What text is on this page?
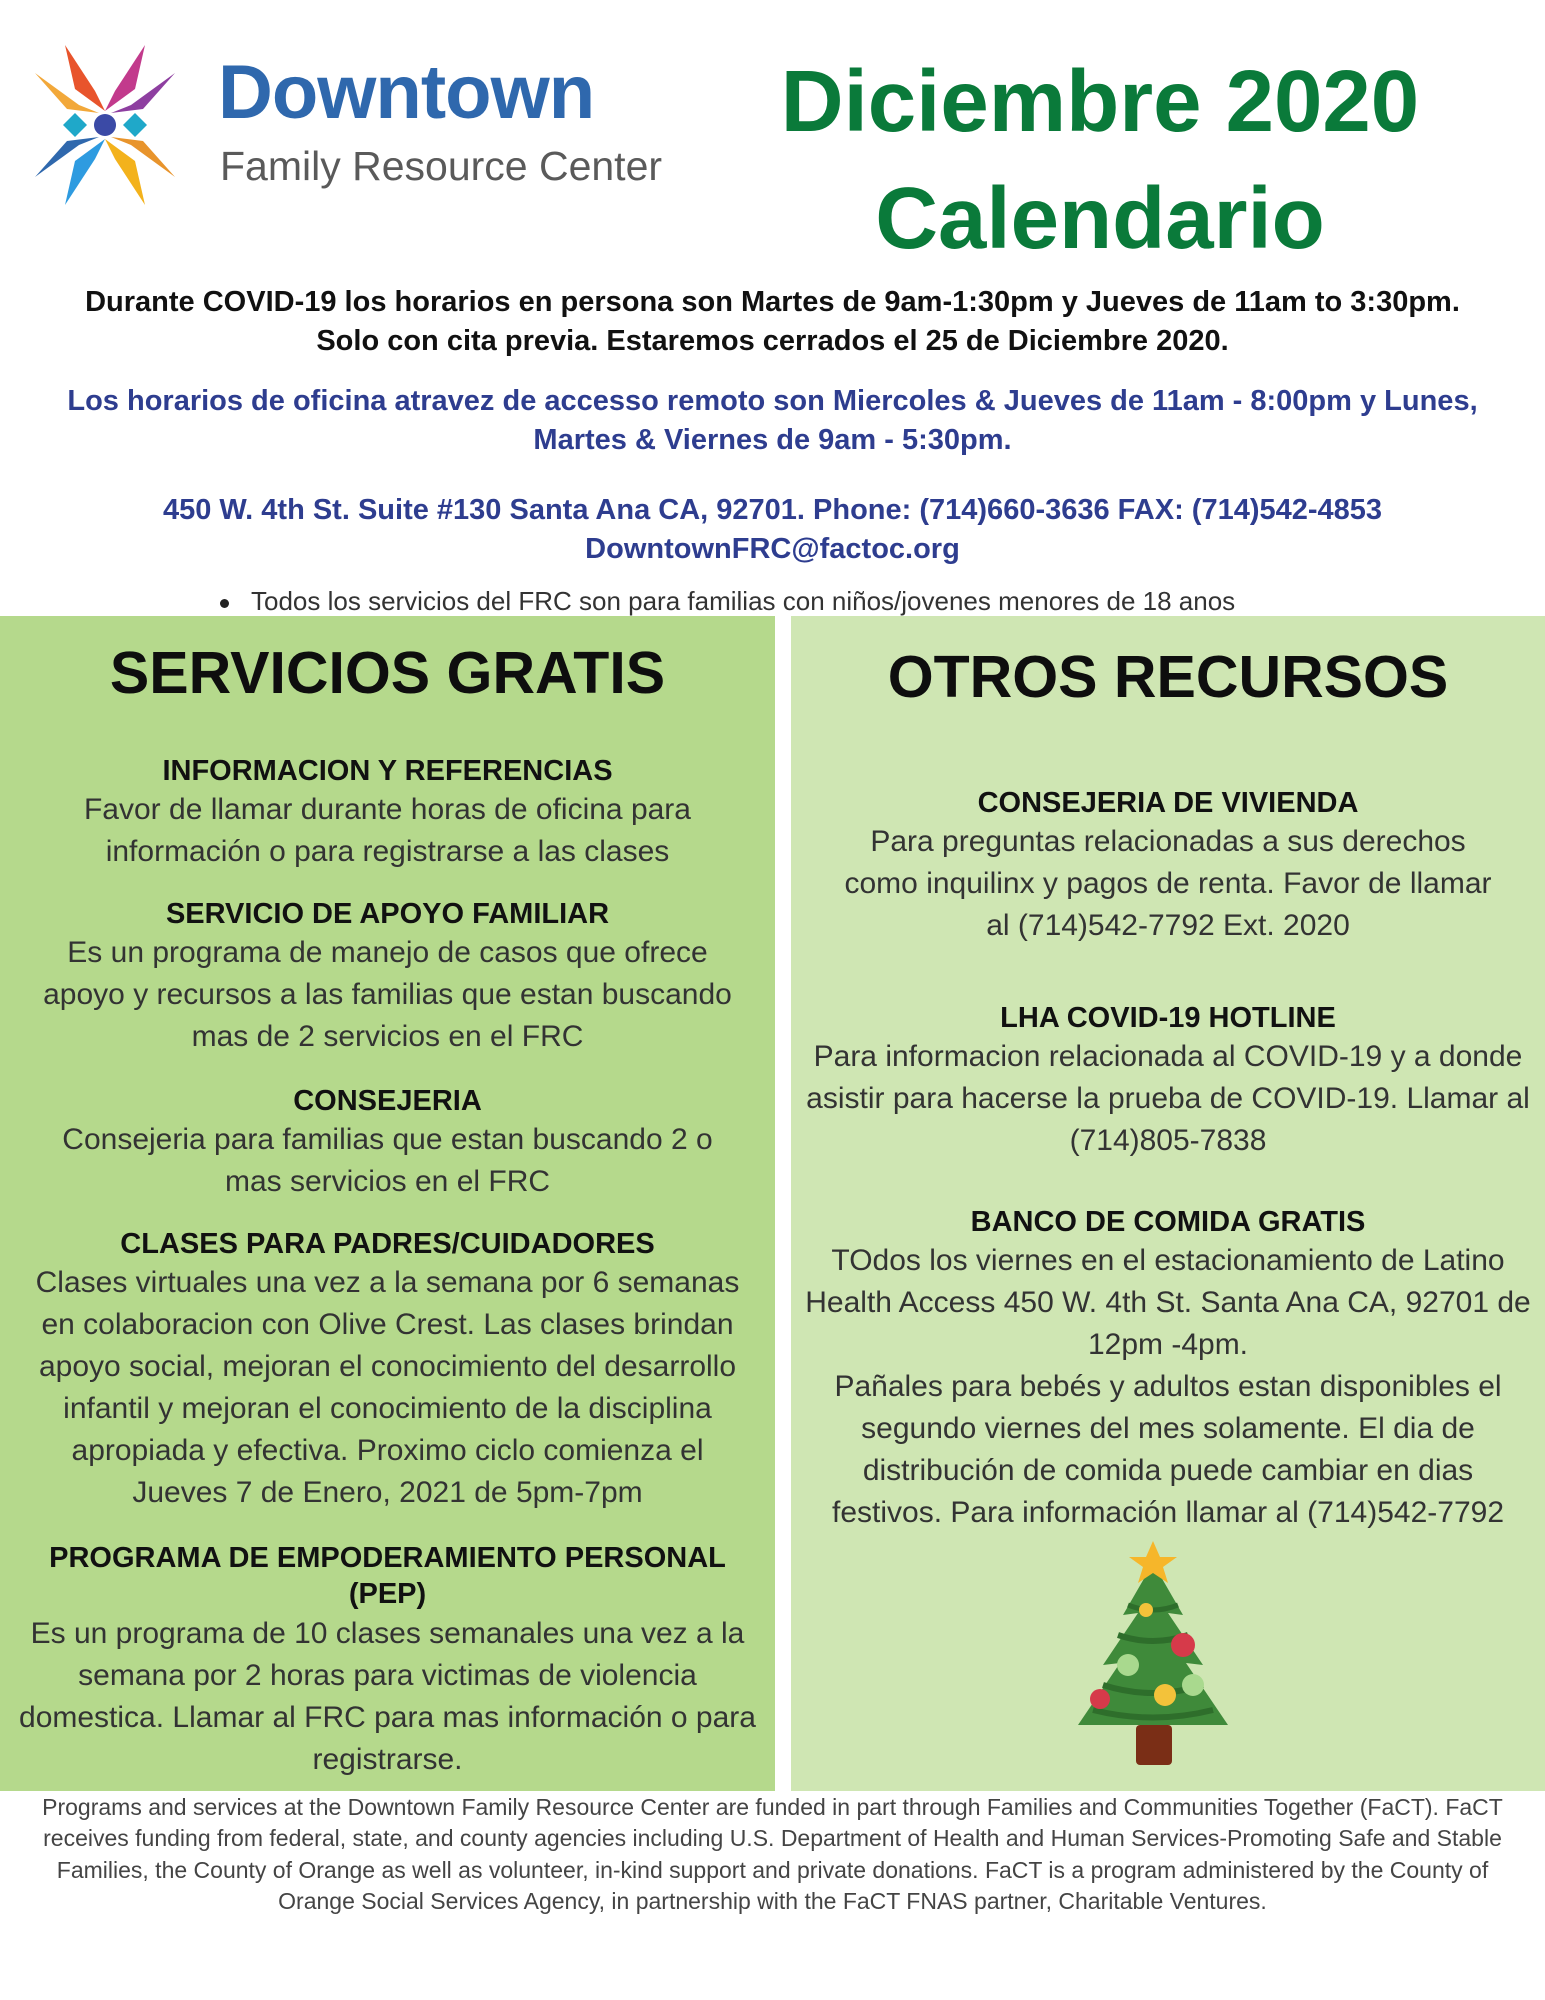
Downtown
Family Resource Center
Diciembre 2020
Calendario
Durante COVID-19 los horarios en persona son Martes de 9am-1:30pm y Jueves de 11am to 3:30pm. Solo con cita previa. Estaremos cerrados el 25 de Diciembre 2020.
Los horarios de oficina atravez de accesso remoto son Miercoles & Jueves de 11am - 8:00pm y Lunes, Martes & Viernes de 9am - 5:30pm.
450 W. 4th St. Suite #130 Santa Ana CA, 92701. Phone: (714)660-3636 FAX: (714)542-4853
DowntownFRC@factoc.org
Todos los servicios del FRC son para familias con niños/jovenes menores de 18 anos
SERVICIOS GRATIS
INFORMACION Y REFERENCIAS

Favor de llamar durante horas de oficina para información o para registrarse a las clases

SERVICIO DE APOYO FAMILIAR

Es un programa de manejo de casos que ofrece apoyo y recursos a las familias que estan buscando mas de 2 servicios en el FRC

CONSEJERIA

Consejeria para familias que estan buscando 2 o mas servicios en el FRC

CLASES PARA PADRES/CUIDADORES

Clases virtuales una vez a la semana por 6 semanas en colaboracion con Olive Crest. Las clases brindan apoyo social, mejoran el conocimiento del desarrollo infantil y mejoran el conocimiento de la disciplina apropiada y efectiva. Proximo ciclo comienza el Jueves 7 de Enero, 2021 de 5pm-7pm

PROGRAMA DE EMPODERAMIENTO PERSONAL (PEP)

Es un programa de 10 clases semanales una vez a la semana por 2 horas para victimas de violencia domestica. Llamar al FRC para mas información o para registrarse.

OTROS RECURSOS
CONSEJERIA DE VIVIENDA

Para preguntas relacionadas a sus derechos como inquilinx y pagos de renta. Favor de llamar al (714)542-7792 Ext. 2020

LHA COVID-19 HOTLINE

Para informacion relacionada al COVID-19 y a donde asistir para hacerse la prueba de COVID-19. Llamar al (714)805-7838

BANCO DE COMIDA GRATIS

TOdos los viernes en el estacionamiento de Latino Health Access 450 W. 4th St. Santa Ana CA, 92701 de 12pm -4pm.

Pañales para bebés y adultos estan disponibles el segundo viernes del mes solamente. El dia de distribución de comida puede cambiar en dias festivos. Para información llamar al (714)542-7792

Programs and services at the Downtown Family Resource Center are funded in part through Families and Communities Together (FaCT). FaCT receives funding from federal, state, and county agencies including U.S. Department of Health and Human Services-Promoting Safe and Stable Families, the County of Orange as well as volunteer, in-kind support and private donations. FaCT is a program administered by the County of Orange Social Services Agency, in partnership with the FaCT FNAS partner, Charitable Ventures.
